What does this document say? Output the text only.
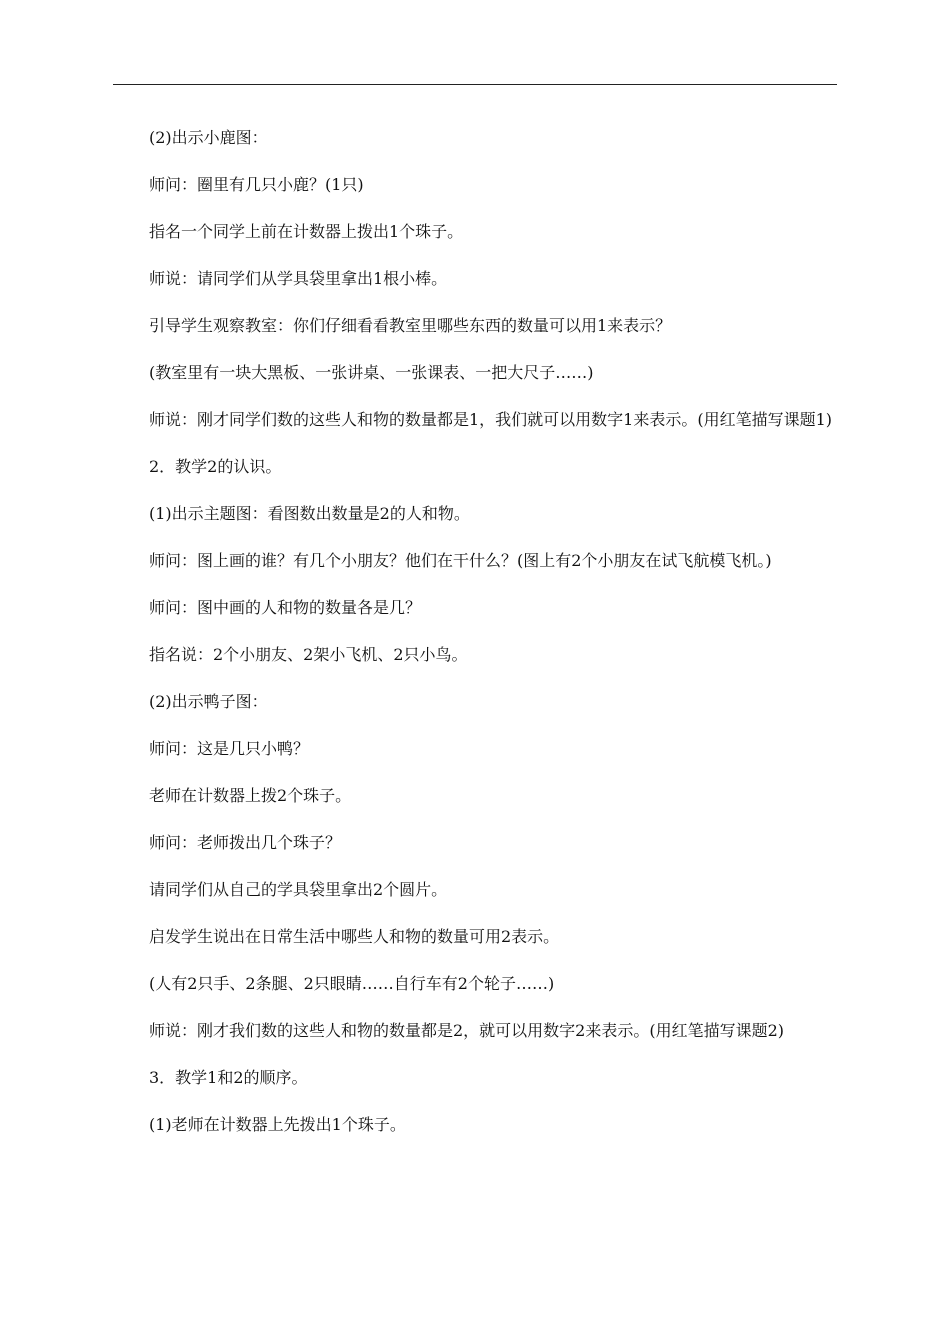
(2)出示小鹿图：

师问：圈里有几只小鹿？(1只)

指名一个同学上前在计数器上拨出1个珠子。

师说：请同学们从学具袋里拿出1根小棒。

引导学生观察教室：你们仔细看看教室里哪些东西的数量可以用1来表示？

(教室里有一块大黑板、一张讲桌、一张课表、一把大尺子……)

师说：刚才同学们数的这些人和物的数量都是1，我们就可以用数字1来表示。(用红笔描写课题1)

2．教学2的认识。

(1)出示主题图：看图数出数量是2的人和物。

师问：图上画的谁？有几个小朋友？他们在干什么？(图上有2个小朋友在试飞航模飞机。)

师问：图中画的人和物的数量各是几？

指名说：2个小朋友、2架小飞机、2只小鸟。

(2)出示鸭子图：

师问：这是几只小鸭？

老师在计数器上拨2个珠子。

师问：老师拨出几个珠子？

请同学们从自己的学具袋里拿出2个圆片。

启发学生说出在日常生活中哪些人和物的数量可用2表示。

(人有2只手、2条腿、2只眼睛……自行车有2个轮子……)

师说：刚才我们数的这些人和物的数量都是2，就可以用数字2来表示。(用红笔描写课题2)

3．教学1和2的顺序。

(1)老师在计数器上先拨出1个珠子。
